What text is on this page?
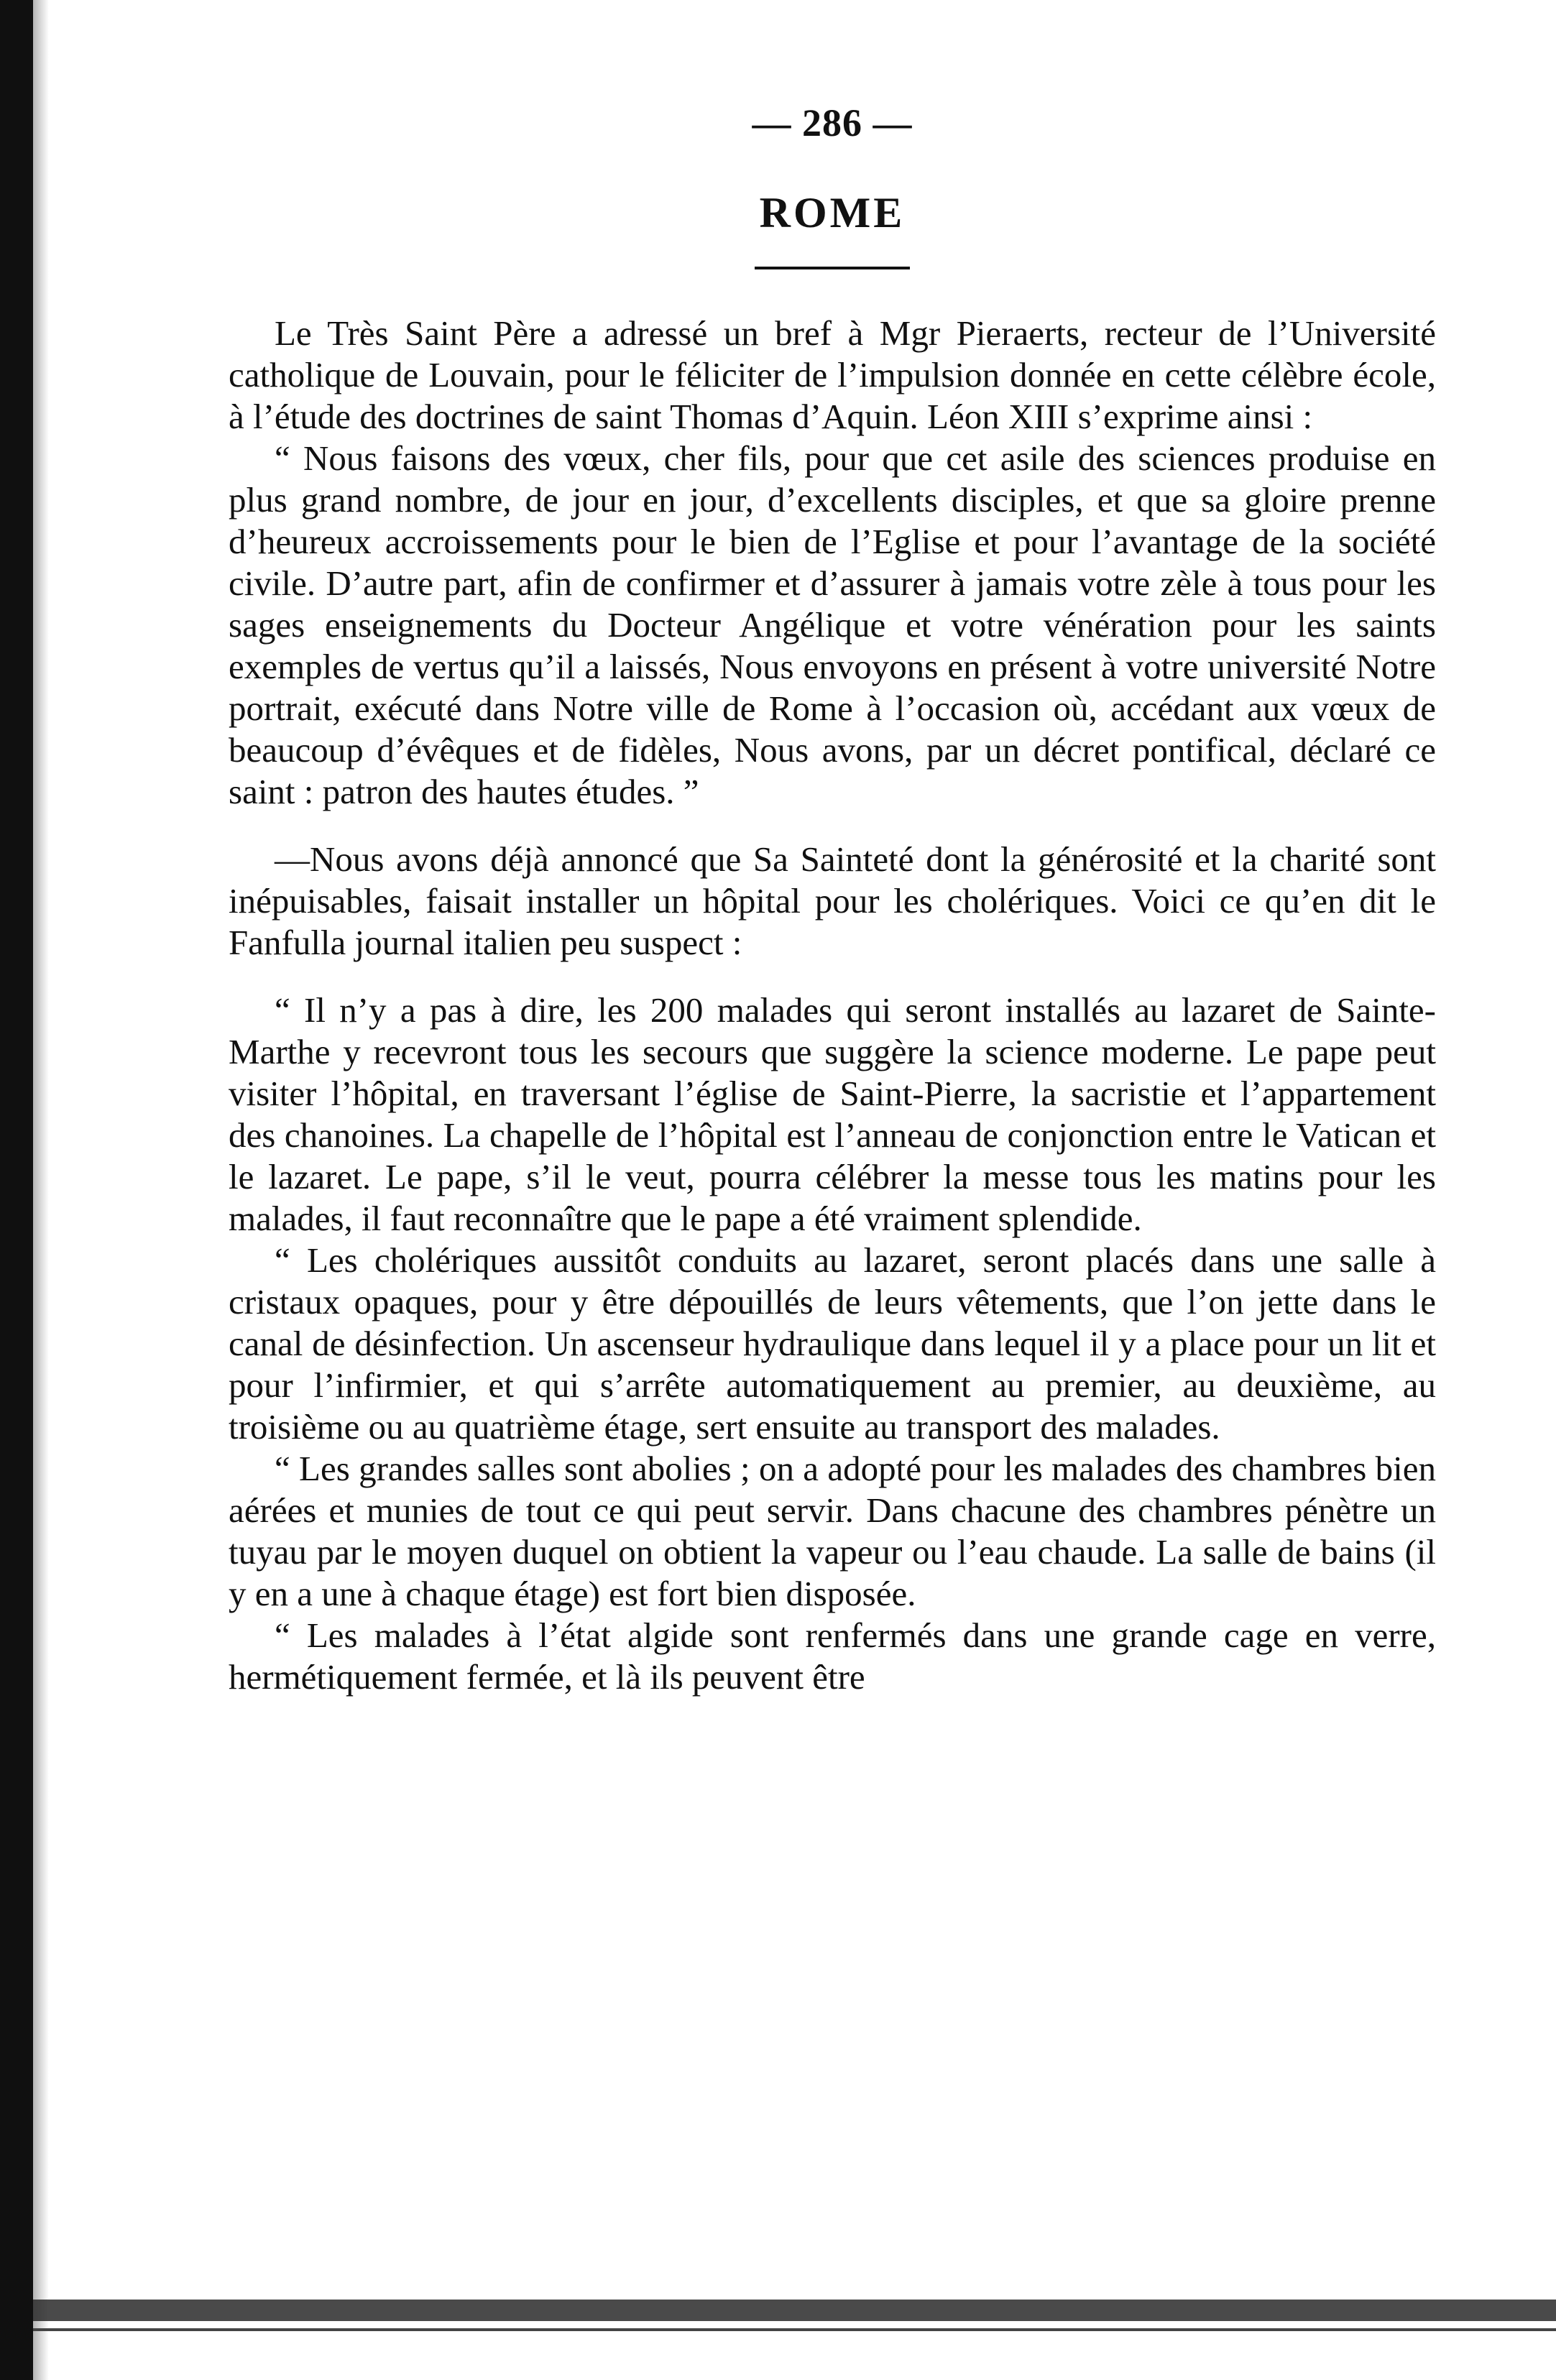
— 286 —
ROME

Le Très Saint Père a adressé un bref à Mgr Pieraerts, recteur de l’Université catholique de Louvain, pour le féliciter de l’impulsion donnée en cette célèbre école, à l’étude des doctrines de saint Thomas d’Aquin. Léon XIII s’exprime ainsi :

“ Nous faisons des vœux, cher fils, pour que cet asile des sciences produise en plus grand nombre, de jour en jour, d’excellents disciples, et que sa gloire prenne d’heureux accroissements pour le bien de l’Eglise et pour l’avantage de la société civile. D’autre part, afin de confirmer et d’assurer à jamais votre zèle à tous pour les sages enseignements du Docteur Angélique et votre vénération pour les saints exemples de vertus qu’il a laissés, Nous envoyons en présent à votre université Notre portrait, exécuté dans Notre ville de Rome à l’occasion où, accédant aux vœux de beaucoup d’évêques et de fidèles, Nous avons, par un décret pontifical, déclaré ce saint : patron des hautes études. ”

—Nous avons déjà annoncé que Sa Sainteté dont la générosité et la charité sont inépuisables, faisait installer un hôpital pour les cholériques. Voici ce qu’en dit le Fanfulla journal italien peu suspect :

“ Il n’y a pas à dire, les 200 malades qui seront installés au lazaret de Sainte-Marthe y recevront tous les secours que suggère la science moderne. Le pape peut visiter l’hôpital, en traversant l’église de Saint-Pierre, la sacristie et l’appartement des chanoines. La chapelle de l’hôpital est l’anneau de conjonction entre le Vatican et le lazaret. Le pape, s’il le veut, pourra célébrer la messe tous les matins pour les malades, il faut reconnaître que le pape a été vraiment splendide.

“ Les cholériques aussitôt conduits au lazaret, seront placés dans une salle à cristaux opaques, pour y être dépouillés de leurs vêtements, que l’on jette dans le canal de désinfection. Un ascenseur hydraulique dans lequel il y a place pour un lit et pour l’infirmier, et qui s’arrête automatiquement au premier, au deuxième, au troisième ou au quatrième étage, sert ensuite au transport des malades.

“ Les grandes salles sont abolies ; on a adopté pour les malades des chambres bien aérées et munies de tout ce qui peut servir. Dans chacune des chambres pénètre un tuyau par le moyen duquel on obtient la vapeur ou l’eau chaude. La salle de bains (il y en a une à chaque étage) est fort bien disposée.

“ Les malades à l’état algide sont renfermés dans une grande cage en verre, hermétiquement fermée, et là ils peuvent être
